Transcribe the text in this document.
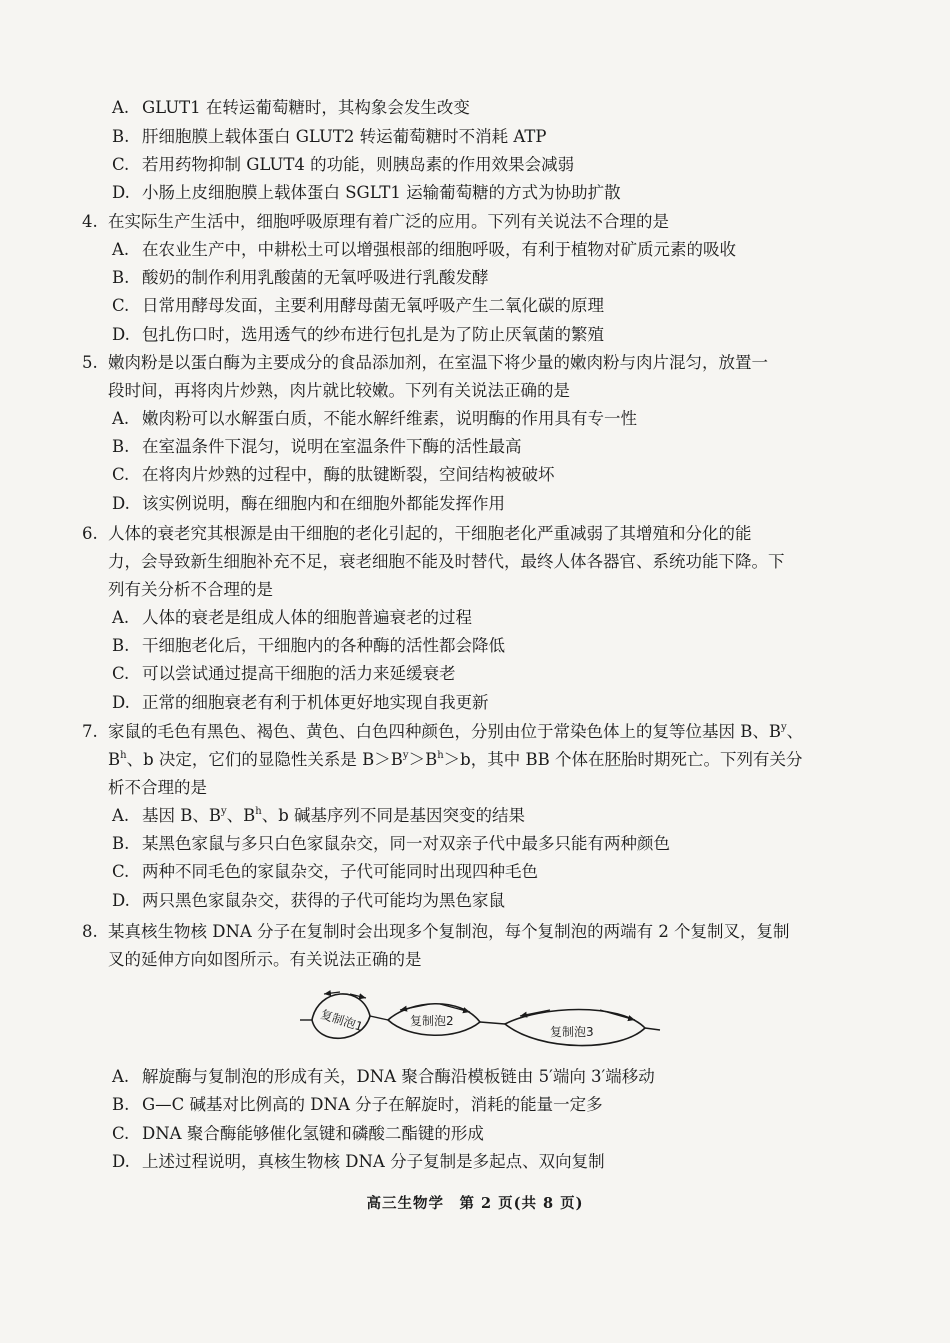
A. GLUT1 在转运葡萄糖时，其构象会发生改变
B. 肝细胞膜上载体蛋白 GLUT2 转运葡萄糖时不消耗 ATP
C. 若用药物抑制 GLUT4 的功能，则胰岛素的作用效果会减弱
D. 小肠上皮细胞膜上载体蛋白 SGLT1 运输葡萄糖的方式为协助扩散
4. 在实际生产生活中，细胞呼吸原理有着广泛的应用。下列有关说法不合理的是
A. 在农业生产中，中耕松土可以增强根部的细胞呼吸，有利于植物对矿质元素的吸收
B. 酸奶的制作利用乳酸菌的无氧呼吸进行乳酸发酵
C. 日常用酵母发面，主要利用酵母菌无氧呼吸产生二氧化碳的原理
D. 包扎伤口时，选用透气的纱布进行包扎是为了防止厌氧菌的繁殖
5. 嫩肉粉是以蛋白酶为主要成分的食品添加剂，在室温下将少量的嫩肉粉与肉片混匀，放置一
段时间，再将肉片炒熟，肉片就比较嫩。下列有关说法正确的是
A. 嫩肉粉可以水解蛋白质，不能水解纤维素，说明酶的作用具有专一性
B. 在室温条件下混匀，说明在室温条件下酶的活性最高
C. 在将肉片炒熟的过程中，酶的肽键断裂，空间结构被破坏
D. 该实例说明，酶在细胞内和在细胞外都能发挥作用
6. 人体的衰老究其根源是由干细胞的老化引起的，干细胞老化严重减弱了其增殖和分化的能
力，会导致新生细胞补充不足，衰老细胞不能及时替代，最终人体各器官、系统功能下降。下
列有关分析不合理的是
A. 人体的衰老是组成人体的细胞普遍衰老的过程
B. 干细胞老化后，干细胞内的各种酶的活性都会降低
C. 可以尝试通过提高干细胞的活力来延缓衰老
D. 正常的细胞衰老有利于机体更好地实现自我更新
7. 家鼠的毛色有黑色、褐色、黄色、白色四种颜色，分别由位于常染色体上的复等位基因 B、$B^y$、
$B^h$、b 决定，它们的显隐性关系是 $B>B^y>B^h>b$，其中 BB 个体在胚胎时期死亡。下列有关分
析不合理的是
A. 基因 B、$B^y$、$B^h$、b 碱基序列不同是基因突变的结果
B. 某黑色家鼠与多只白色家鼠杂交，同一对双亲子代中最多只能有两种颜色
C. 两种不同毛色的家鼠杂交，子代可能同时出现四种毛色
D. 两只黑色家鼠杂交，获得的子代可能均为黑色家鼠
8. 某真核生物核 DNA 分子在复制时会出现多个复制泡，每个复制泡的两端有 2 个复制叉，复制
叉的延伸方向如图所示。有关说法正确的是
复制泡1	复制泡2
复制泡3
A. 解旋酶与复制泡的形成有关，DNA 聚合酶沿模板链由 5′端向 3′端移动
B. G—C 碱基对比例高的 DNA 分子在解旋时，消耗的能量一定多
C. DNA 聚合酶能够催化氢键和磷酸二酯键的形成
D. 上述过程说明，真核生物核 DNA 分子复制是多起点、双向复制
高三生物学　第 2 页(共 8 页)
